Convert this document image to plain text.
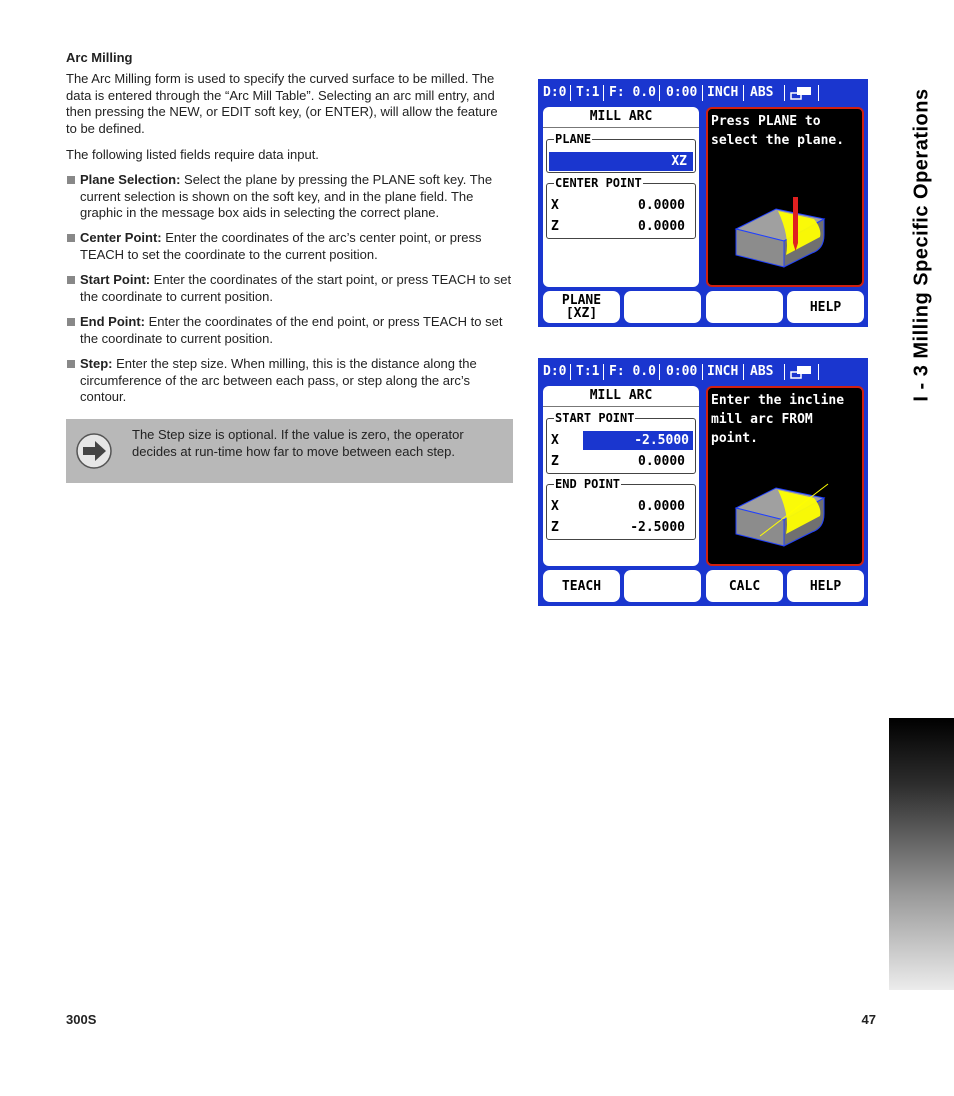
Arc Milling
The Arc Milling form is used to specify the curved surface to be milled. The data is entered through the “Arc Mill Table”. Selecting an arc mill entry, and then pressing the NEW, or EDIT soft key, (or ENTER), will allow the feature to be defined.
The following listed fields require data input.
Plane Selection: Select the plane by pressing the PLANE soft key. The current selection is shown on the soft key, and in the plane field. The graphic in the message box aids in selecting the correct plane.
Center Point: Enter the coordinates of the arc’s center point, or press TEACH to set the coordinate to the current position.
Start Point: Enter the coordinates of the start point, or press TEACH to set the coordinate to current position.
End Point: Enter the coordinates of the end point, or press TEACH to set the coordinate to current position.
Step: Enter the step size. When milling, this is the distance along the circumference of the arc between each pass, or step along the arc’s contour.
The Step size is optional. If the value is zero, the operator decides at run-time how far to move between each step.
D:0 T:1 F: 0.0 0:00 INCH ABS
MILL ARC
PLANE
XZ
CENTER POINT
X	0.0000
Z	0.0000
Press PLANE to select the plane.
PLANE
[XZ]	HELP
D:0 T:1 F: 0.0 0:00 INCH ABS
MILL ARC
START POINT
X	-2.5000
Z	0.0000
END POINT
X	0.0000
Z	-2.5000
Enter the incline mill arc FROM point.
TEACH	CALC	HELP
I - 3 Milling Specific Operations
300S	47
